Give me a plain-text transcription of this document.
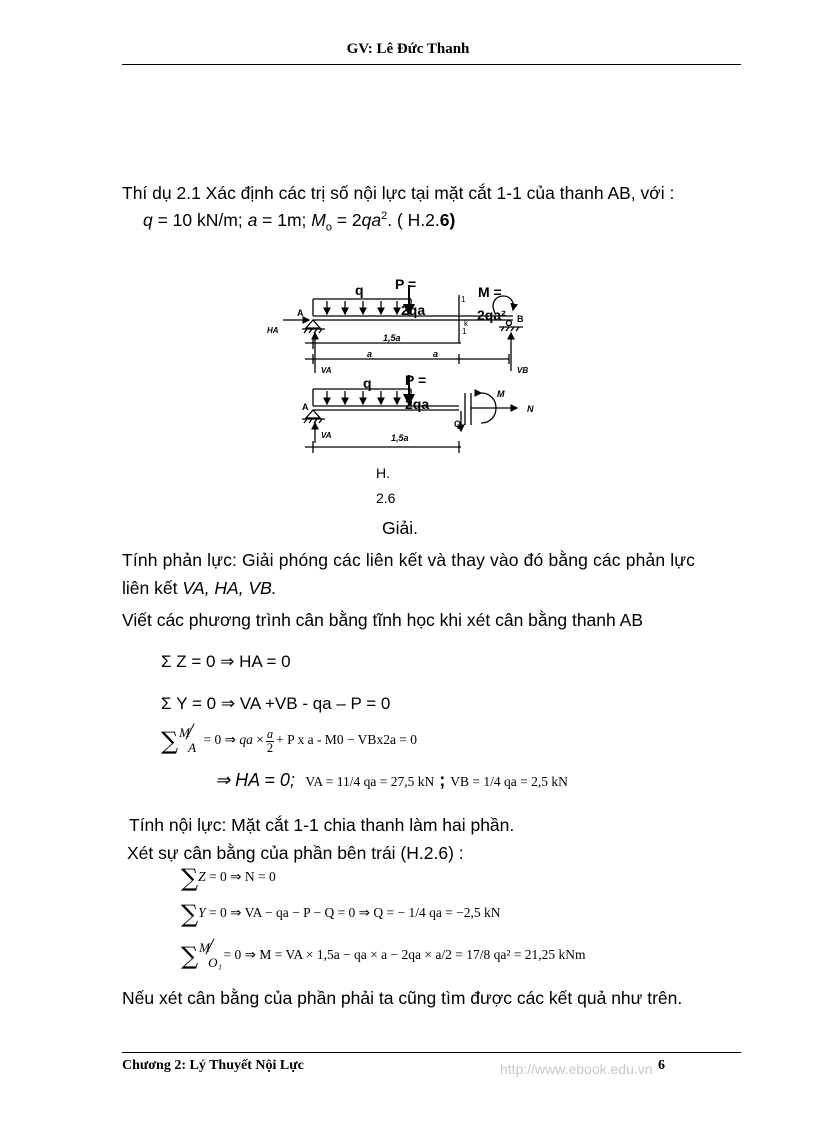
GV: Lê Đức Thanh
Thí dụ 2.1 Xác định các trị số nội lực tại mặt cắt 1-1 của thanh AB, với :
q = 10 kN/m; a = 1m; $M_o = 2qa^2$. ( H.2.6)
q P =
2qa
M =
2qa²
A
B
HA
1
1
k
1,5a
a	a
VA	VB
q P =
2qa
A
Q
M
N
VA	1,5a
H.
2.6
Giải.
Tính phản lực: Giải phóng các liên kết và thay vào đó bằng các phản lực
liên kết VA, HA, VB.
Viết các phương trình cân bằng tĩnh học khi xét cân bằng thanh AB
Σ Z = 0 ⇒ HA = 0
Σ Y = 0 ⇒ VA +VB - qa – P = 0
∑ M
A
= 0 ⇒ qa × $\frac{a}{2} + P$ x a - M0 − VBx2a = 0
⇒ HA = 0; VA = 11/4 qa = 27,5 kN ; VB = 1/4 qa = 2,5 kN
Tính nội lực: Mặt cắt 1-1 chia thanh làm hai phần.
Xét sự cân bằng của phần bên trái (H.2.6) :
∑Z = 0 ⇒ N = 0
∑Y = 0 ⇒ VA − qa − P − Q = 0 ⇒ Q = − 1/4 qa = −2,5 kN
∑ M
O₁
= 0 ⇒ M = VA × 1,5a − qa × a − 2qa × a/2 = 17/8 qa² = 21,25 kNm
Nếu xét cân bằng của phần phải ta cũng tìm được các kết quả như trên.
Chương 2: Lý Thuyết Nội Lực	http://www.ebook.edu.vn 6
